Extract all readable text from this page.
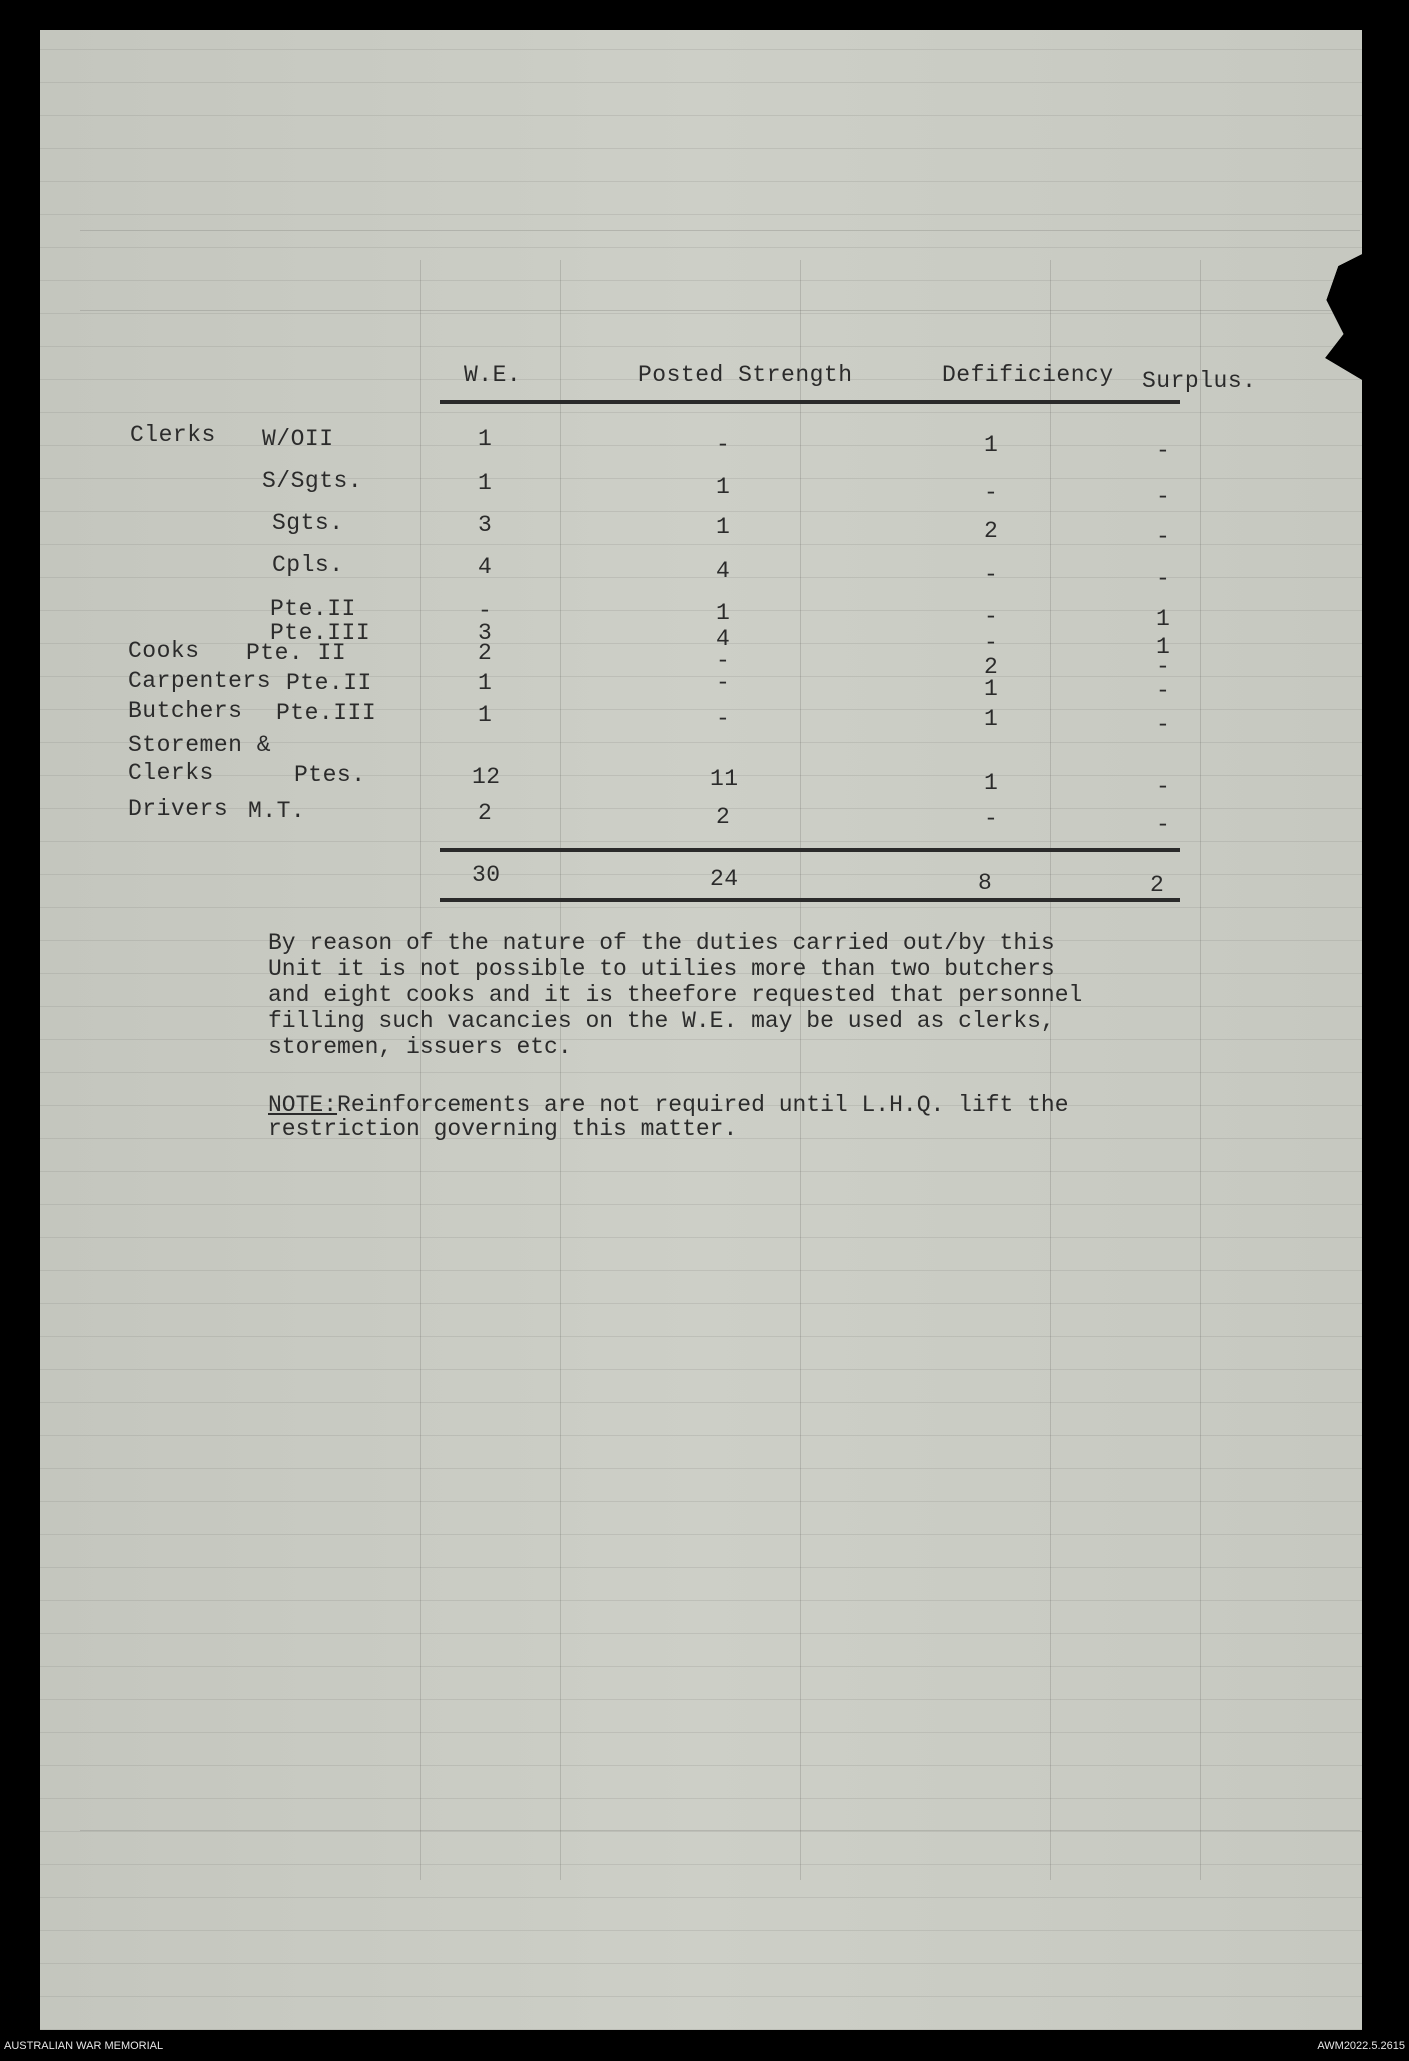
W.E.	Posted Strength	Defificiency Surplus.
Clerks W/OII	1	-	1	-
S/Sgts.	1	1	-	-
Sgts.	3	1	2	-
Cpls.	4	4	-	-
Pte.II	-	1	-	1
Pte.III	3	4	-	1
Cooks Pte. II	2	-	2	-
Carpenters Pte.II	1	-	1	-
Butchers Pte.III	1	-	1	-
Storemen &
Clerks	Ptes.	12	11	1	-
Drivers M.T.	2	2	-	-
30	24	8	2
By reason of the nature of the duties carried out/by this
Unit it is not possible to utilies more than two butchers
and eight cooks and it is theefore requested that personnel
filling such vacancies on the W.E. may be used as clerks,
storemen, issuers etc.
NOTE:Reinforcements are not required until L.H.Q. lift the
restriction governing this matter.
AUSTRALIAN WAR MEMORIAL	AWM2022.5.2615
